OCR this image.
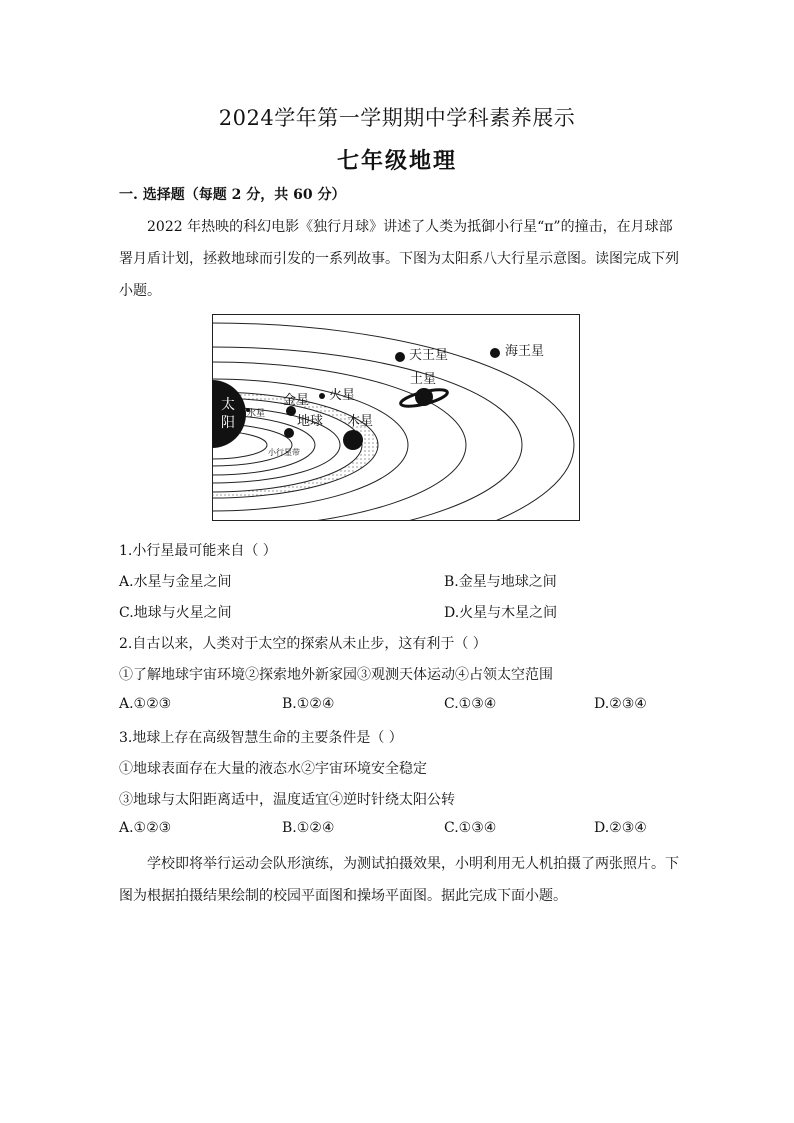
2024学年第一学期期中学科素养展示
七年级地理
一. 选择题（每题 2 分，共 60 分）
2022 年热映的科幻电影《独行月球》讲述了人类为抵御小行星“π”的撞击，在月球部署月盾计划，拯救地球而引发的一系列故事。下图为太阳系八大行星示意图。读图完成下列小题。
太
阳
水星
金星
地球
火星
木星
土星
天王星	海王星
小行星带
1.小行星最可能来自（ ）
A.水星与金星之间	B.金星与地球之间
C.地球与火星之间	D.火星与木星之间
2.自古以来，人类对于太空的探索从未止步，这有利于（ ）
①了解地球宇宙环境②探索地外新家园③观测天体运动④占领太空范围
A.①②③	B.①②④	C.①③④	D.②③④
3.地球上存在高级智慧生命的主要条件是（ ）
①地球表面存在大量的液态水②宇宙环境安全稳定
③地球与太阳距离适中，温度适宜④逆时针绕太阳公转
A.①②③	B.①②④	C.①③④	D.②③④
学校即将举行运动会队形演练，为测试拍摄效果，小明利用无人机拍摄了两张照片。下图为根据拍摄结果绘制的校园平面图和操场平面图。据此完成下面小题。
